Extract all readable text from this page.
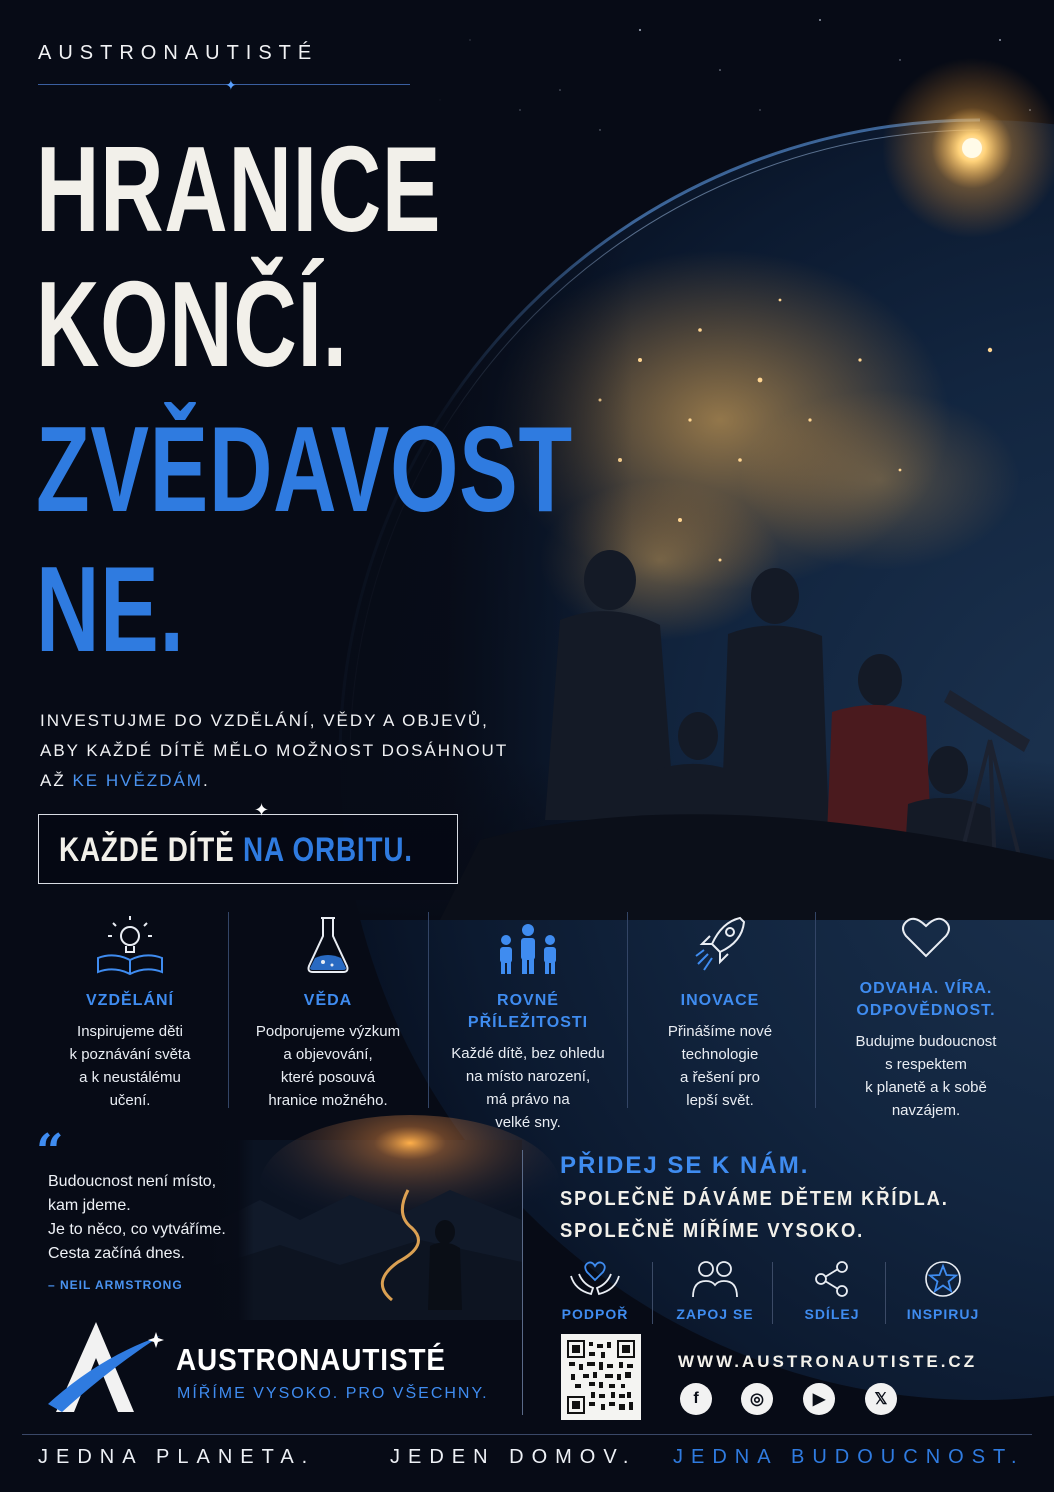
AUSTRONAUTISTÉ
✦
HRANICE
KONČÍ.
ZVĚDAVOST
NE.
INVESTUJME DO VZDĚLÁNÍ, VĚDY A OBJEVŮ,
ABY KAŽDÉ DÍTĚ MĚLO MOŽNOST DOSÁHNOUT
AŽ KE HVĚZDÁM.
KAŽDÉ DÍTĚ NA ORBITU.
✦
VZDĚLÁNÍ
Inspirujeme děti
k poznávání světa
a k neustálému
učení.
VĚDA
Podporujeme výzkum
a objevování,
které posouvá
hranice možného.
ROVNÉ PŘÍLEŽITOSTI
Každé dítě, bez ohledu
na místo narození,
má právo na
velké sny.
INOVACE
Přinášíme nové
technologie
a řešení pro
lepší svět.
ODVAHA. VÍRA.
ODPOVĚDNOST.
Budujme budoucnost
s respektem
k planetě a k sobě
navzájem.
“
Budoucnost není místo,
kam jdeme.
Je to něco, co vytváříme.
Cesta začíná dnes.
– NEIL ARMSTRONG
AUSTRONAUTISTÉ
MÍŘÍME VYSOKO. PRO VŠECHNY.
PŘIDEJ SE K NÁM.
SPOLEČNĚ DÁVÁME DĚTEM KŘÍDLA.
SPOLEČNĚ MÍŘÍME VYSOKO.
PODPOŘ	ZAPOJ SE	SDÍLEJ	INSPIRUJ
WWW.AUSTRONAUTISTE.CZ
f	◎	▶	𝕏
JEDNA PLANETA.	JEDEN DOMOV. JEDNA BUDOUCNOST.
